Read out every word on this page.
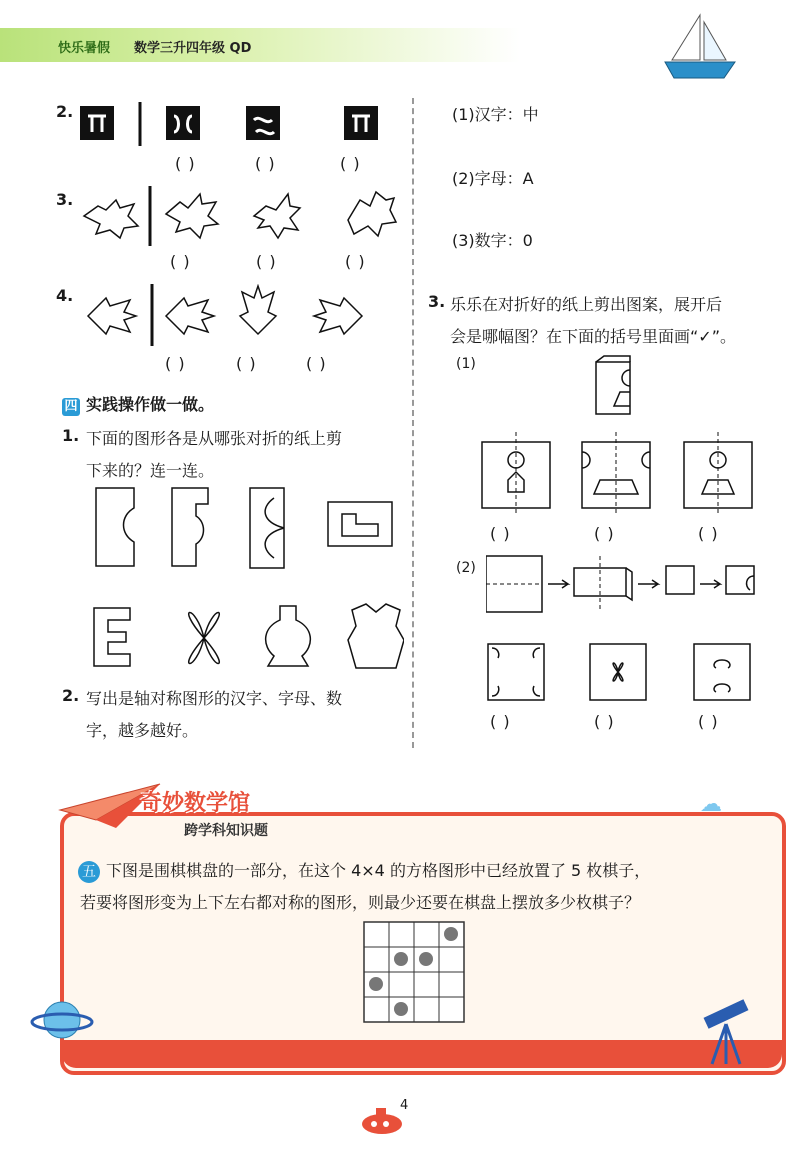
快乐暑假 数学三升四年级 QD
2.
( )	( )	( )
3.
( )	( )	( )
4.
( )	( )	( )
四 实践操作做一做。
1. 下面的图形各是从哪张对折的纸上剪
下来的？连一连。
2. 写出是轴对称图形的汉字、字母、数
字，越多越好。
(1)汉字：中
(2)字母：A
(3)数字：0
3. 乐乐在对折好的纸上剪出图案，展开后
会是哪幅图？在下面的括号里面画“✓”。
(1)
( )	( )	( )
(2)
( )	( )	( )
奇妙数学馆
跨学科知识题
☁
五 下图是围棋棋盘的一部分，在这个 4×4 的方格图形中已经放置了 5 枚棋子，
若要将图形变为上下左右都对称的图形，则最少还要在棋盘上摆放多少枚棋子？
4
